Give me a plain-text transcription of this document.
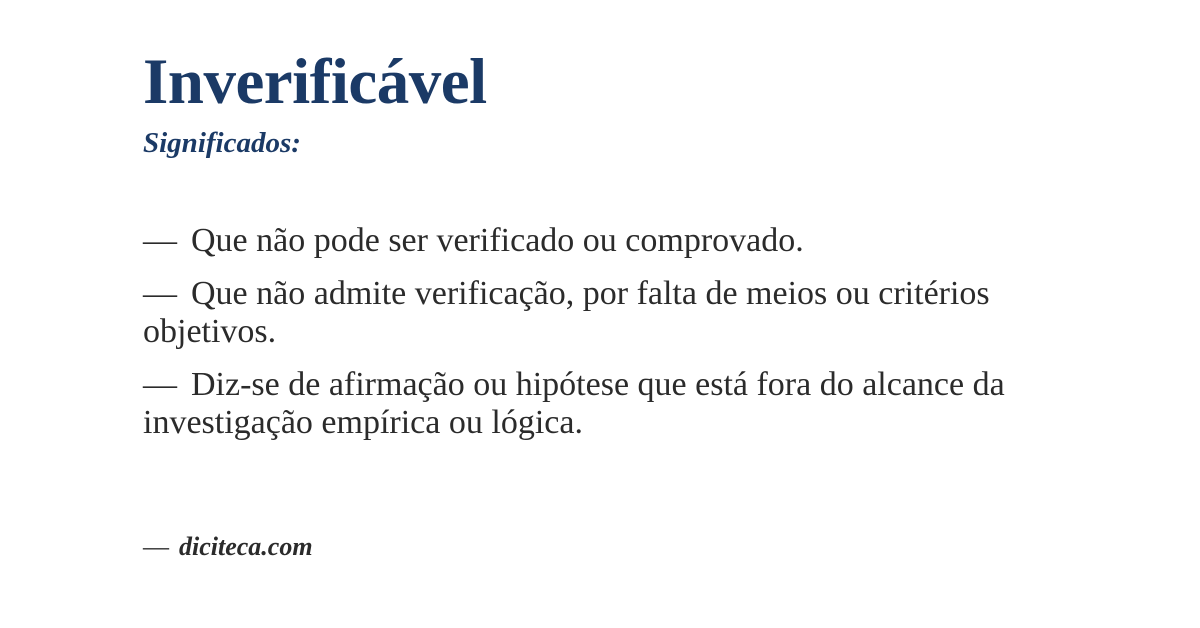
Inverificável
Significados:

— Que não pode ser verificado ou comprovado.

— Que não admite verificação, por falta de meios ou critérios objetivos.

— Diz-se de afirmação ou hipótese que está fora do alcance da investigação empírica ou lógica.

— diciteca.com
